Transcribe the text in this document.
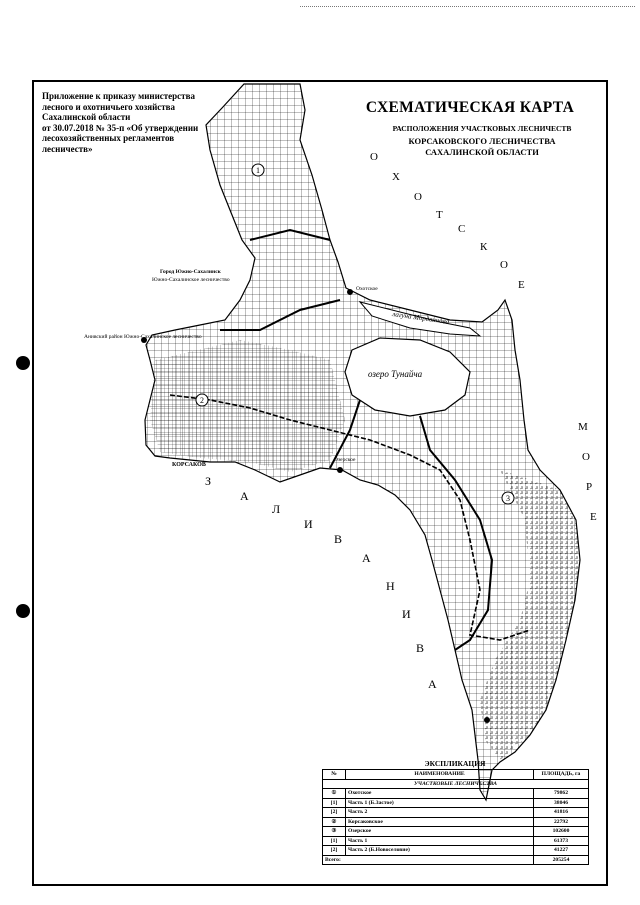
Приложение к приказу министерства
лесного и охотничьего хозяйства
Сахалинской области
от 30.07.2018 № 35-п «Об утверждении
лесохозяйственных регламентов
лесничеств»
СХЕМАТИЧЕСКАЯ КАРТА
РАСПОЛОЖЕНИЯ УЧАСТКОВЫХ ЛЕСНИЧЕСТВ
КОРСАКОВСКОГО ЛЕСНИЧЕСТВА
САХАЛИНСКОЙ ОБЛАСТИ
1
2
3
озеро Тунайча
лагуна Мордвинова
Город Южно-Сахалинск
Южно-Сахалинское лесничество
Анивский район Южно-Сахалинское лесничество
КОРСАКОВ
Озерское
Охотское
О
Х
О
Т
С
К
О
Е
М
О
Р
Е
З
А
Л
И
В
А
Н
И
В
А
ЭКСПЛИКАЦИЯ
№	НАИМЕНОВАНИЕ	ПЛОЩАДЬ, га
УЧАСТКОВЫЕ ЛЕСНИЧЕСТВА		
①	Охотское	79862
[1]	Часть 1 (Б.Застое)	38046
[2]	Часть 2	41816
②	Корсаковское	22792
③	Озерское	102600
[1]	Часть 1	61373
[2]	Часть 2 (Б.Новоселовие)	41227
Всего:		205254
